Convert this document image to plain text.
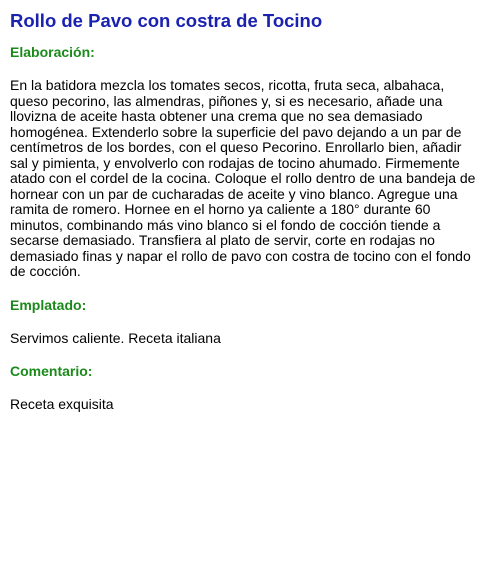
Rollo de Pavo con costra de Tocino
Elaboración:

En la batidora mezcla los tomates secos, ricotta, fruta seca, albahaca, queso pecorino, las almendras, piñones y, si es necesario, añade una llovizna de aceite hasta obtener una crema que no sea demasiado homogénea. Extenderlo sobre la superficie del pavo dejando a un par de centímetros de los bordes, con el queso Pecorino. Enrollarlo bien, añadir sal y pimienta, y envolverlo con rodajas de tocino ahumado. Firmemente atado con el cordel de la cocina. Coloque el rollo dentro de una bandeja de hornear con un par de cucharadas de aceite y vino blanco. Agregue una ramita de romero. Hornee en el horno ya caliente a 180° durante 60 minutos, combinando más vino blanco si el fondo de cocción tiende a secarse demasiado. Transfiera al plato de servir, corte en rodajas no demasiado finas y napar el rollo de pavo con costra de tocino con el fondo de cocción.

Emplatado:

Servimos caliente. Receta italiana

Comentario:

Receta exquisita
